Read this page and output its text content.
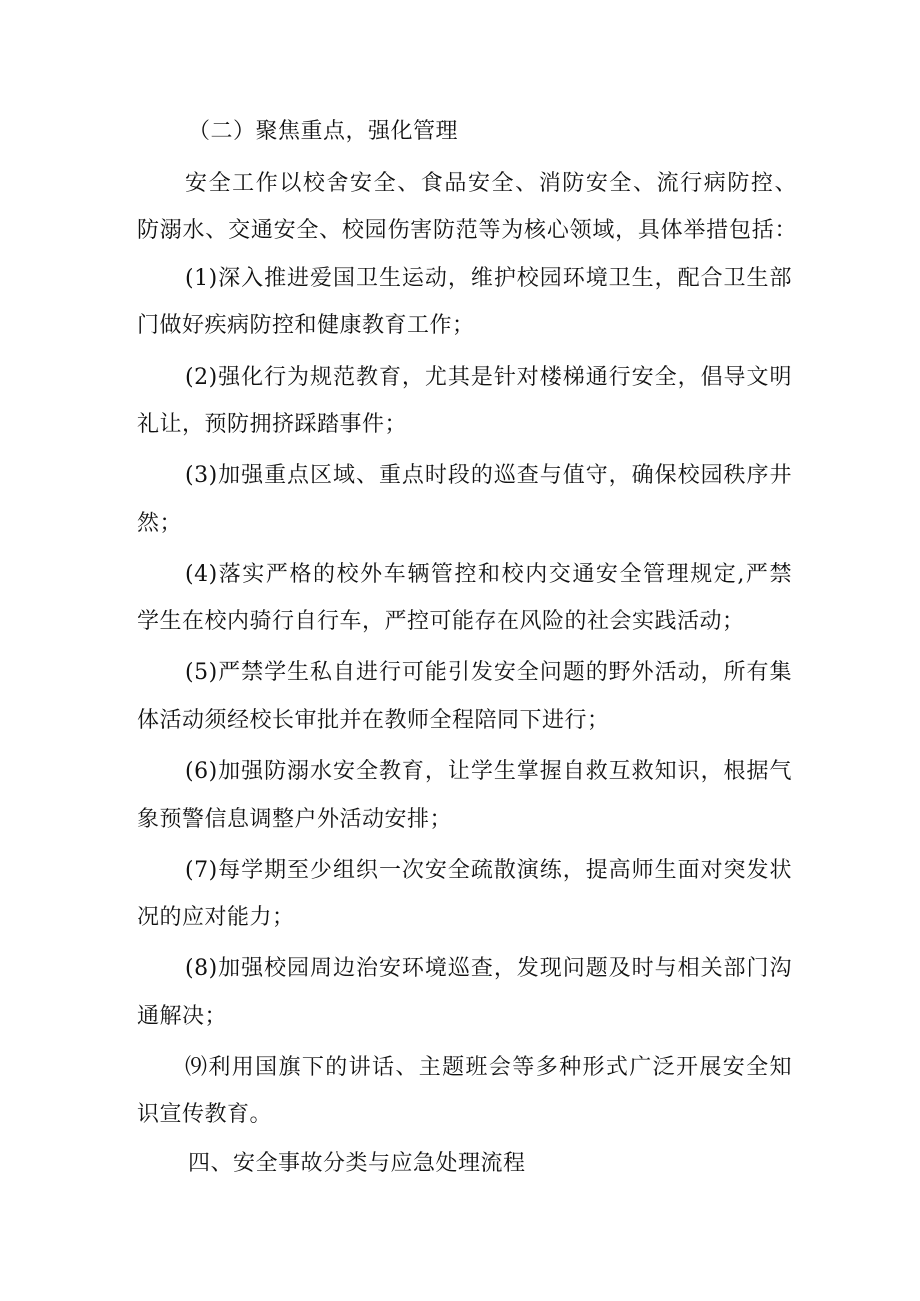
（二）聚焦重点，强化管理
安全工作以校舍安全、食品安全、消防安全、流行病防控、
防溺水、交通安全、校园伤害防范等为核心领域，具体举措包括：
(1)深入推进爱国卫生运动，维护校园环境卫生，配合卫生部
门做好疾病防控和健康教育工作；
(2)强化行为规范教育，尤其是针对楼梯通行安全，倡导文明
礼让，预防拥挤踩踏事件；
(3)加强重点区域、重点时段的巡查与值守，确保校园秩序井
然；
(4)落实严格的校外车辆管控和校内交通安全管理规定,严禁
学生在校内骑行自行车，严控可能存在风险的社会实践活动；
(5)严禁学生私自进行可能引发安全问题的野外活动，所有集
体活动须经校长审批并在教师全程陪同下进行；
(6)加强防溺水安全教育，让学生掌握自救互救知识，根据气
象预警信息调整户外活动安排；
(7)每学期至少组织一次安全疏散演练，提高师生面对突发状
况的应对能力；
(8)加强校园周边治安环境巡查，发现问题及时与相关部门沟
通解决；
⑼利用国旗下的讲话、主题班会等多种形式广泛开展安全知
识宣传教育。
四、安全事故分类与应急处理流程
